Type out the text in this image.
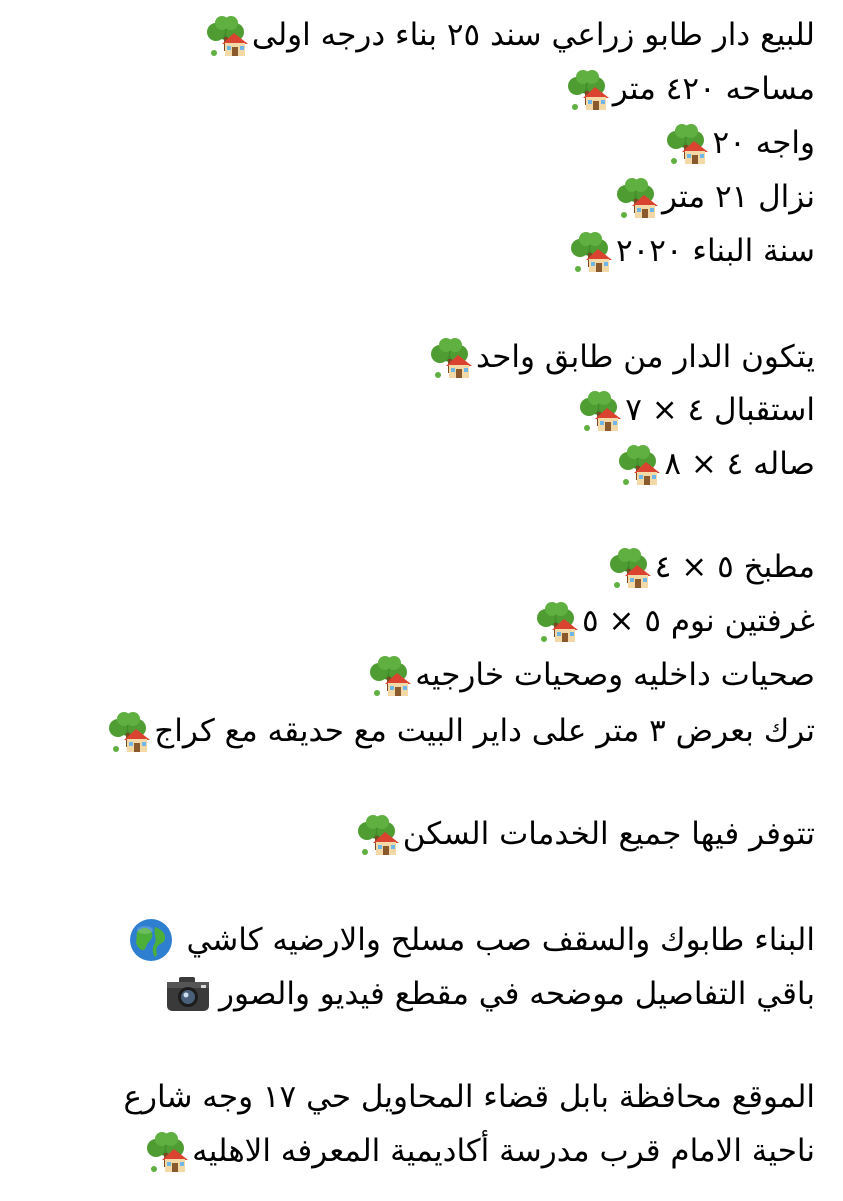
للبيع دار طابو زراعي سند ٢٥ بناء درجه اولى
مساحه ٤٢٠ متر
واجه ٢٠
نزال ٢١ متر
سنة البناء ٢٠٢٠
يتكون الدار من طابق واحد
استقبال ٤ × ٧
صاله ٤ × ٨
مطبخ ٥ × ٤
غرفتين نوم ٥ × ٥
صحيات داخليه وصحيات خارجيه
ترك بعرض ٣ متر على داير البيت مع حديقه مع كراج
تتوفر فيها جميع الخدمات السكن
البناء طابوك والسقف صب مسلح والارضيه كاشي
باقي التفاصيل موضحه في مقطع فيديو والصور
الموقع محافظة بابل قضاء المحاويل حي ١٧ وجه شارع
ناحية الامام قرب مدرسة أكاديمية المعرفه الاهليه
